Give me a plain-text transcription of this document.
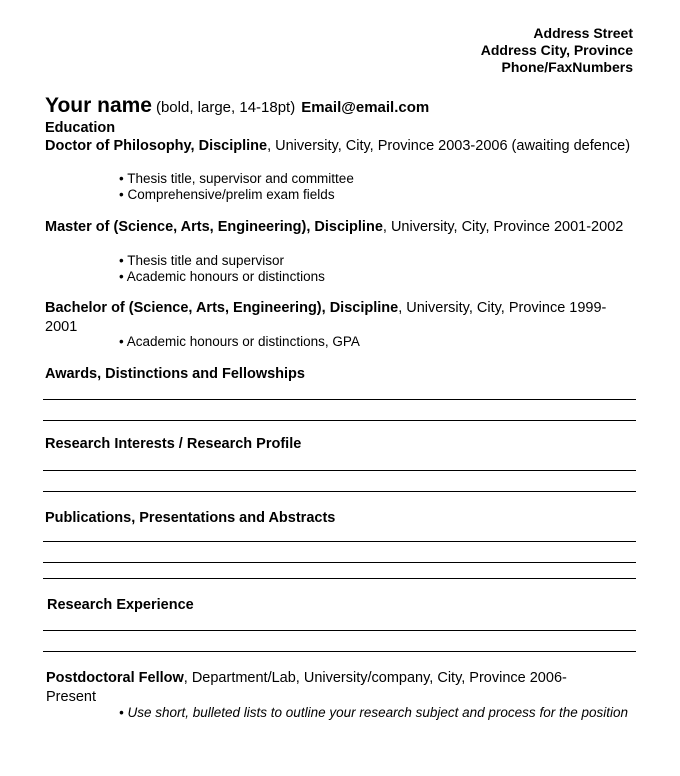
Address Street
Address City, Province
Phone/FaxNumbers
Your name (bold, large, 14-18pt) Email@email.com
Education
Doctor of Philosophy, Discipline, University, City, Province 2003-2006 (awaiting defence)
• Thesis title, supervisor and committee
• Comprehensive/prelim exam fields
Master of (Science, Arts, Engineering), Discipline, University, City, Province 2001-2002
• Thesis title and supervisor
• Academic honours or distinctions
Bachelor of (Science, Arts, Engineering), Discipline, University, City, Province 1999-2001
• Academic honours or distinctions, GPA
Awards, Distinctions and Fellowships
Research Interests / Research Profile
Publications, Presentations and Abstracts
Research Experience
Postdoctoral Fellow, Department/Lab, University/company, City, Province 2006-Present
• Use short, bulleted lists to outline your research subject and process for the position
